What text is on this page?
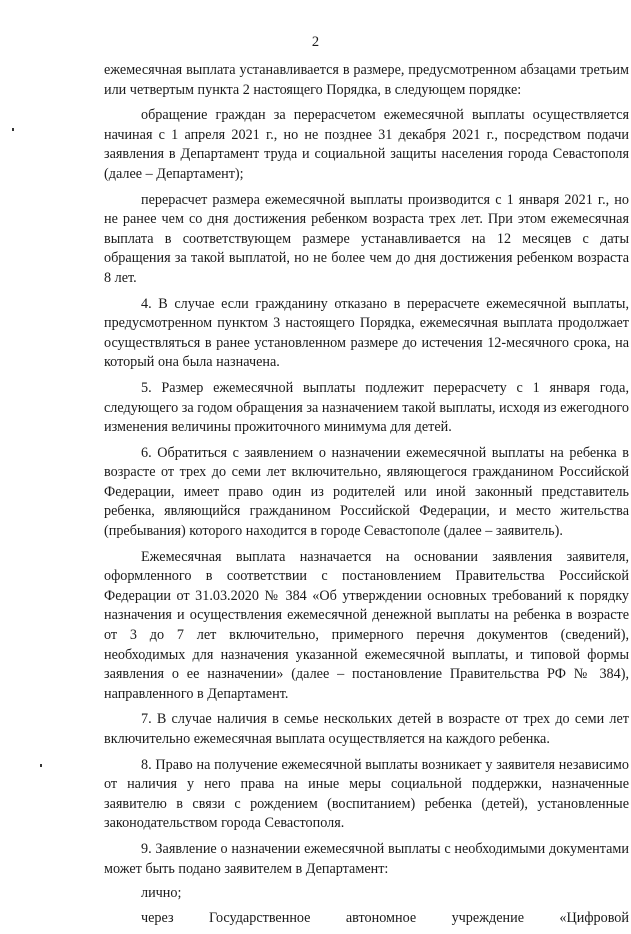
2

ежемесячная выплата устанавливается в размере, предусмотренном абзацами третьим или четвертым пункта 2 настоящего Порядка, в следующем порядке:

обращение граждан за перерасчетом ежемесячной выплаты осуществляется начиная с 1 апреля 2021 г., но не позднее 31 декабря 2021 г., посредством подачи заявления в Департамент труда и социальной защиты населения города Севастополя (далее – Департамент);

перерасчет размера ежемесячной выплаты производится с 1 января 2021 г., но не ранее чем со дня достижения ребенком возраста трех лет. При этом ежемесячная выплата в соответствующем размере устанавливается на 12 месяцев с даты обращения за такой выплатой, но не более чем до дня достижения ребенком возраста 8 лет.

4. В случае если гражданину отказано в перерасчете ежемесячной выплаты, предусмотренном пунктом 3 настоящего Порядка, ежемесячная выплата продолжает осуществляться в ранее установленном размере до истечения 12-месячного срока, на который она была назначена.

5. Размер ежемесячной выплаты подлежит перерасчету с 1 января года, следующего за годом обращения за назначением такой выплаты, исходя из ежегодного изменения величины прожиточного минимума для детей.

6. Обратиться с заявлением о назначении ежемесячной выплаты на ребенка в возрасте от трех до семи лет включительно, являющегося гражданином Российской Федерации, имеет право один из родителей или иной законный представитель ребенка, являющийся гражданином Российской Федерации, и место жительства (пребывания) которого находится в городе Севастополе (далее – заявитель).

Ежемесячная выплата назначается на основании заявления заявителя, оформленного в соответствии с постановлением Правительства Российской Федерации от 31.03.2020 № 384 «Об утверждении основных требований к порядку назначения и осуществления ежемесячной денежной выплаты на ребенка в возрасте от 3 до 7 лет включительно, примерного перечня документов (сведений), необходимых для назначения указанной ежемесячной выплаты, и типовой формы заявления о ее назначении» (далее – постановление Правительства РФ № 384), направленного в Департамент.

7. В случае наличия в семье нескольких детей в возрасте от трех до семи лет включительно ежемесячная выплата осуществляется на каждого ребенка.

8. Право на получение ежемесячной выплаты возникает у заявителя независимо от наличия у него права на иные меры социальной поддержки, назначенные заявителю в связи с рождением (воспитанием) ребенка (детей), установленные законодательством города Севастополя.

9. Заявление о назначении ежемесячной выплаты с необходимыми документами может быть подано заявителем в Департамент:

лично;

через Государственное автономное учреждение «Цифровой
